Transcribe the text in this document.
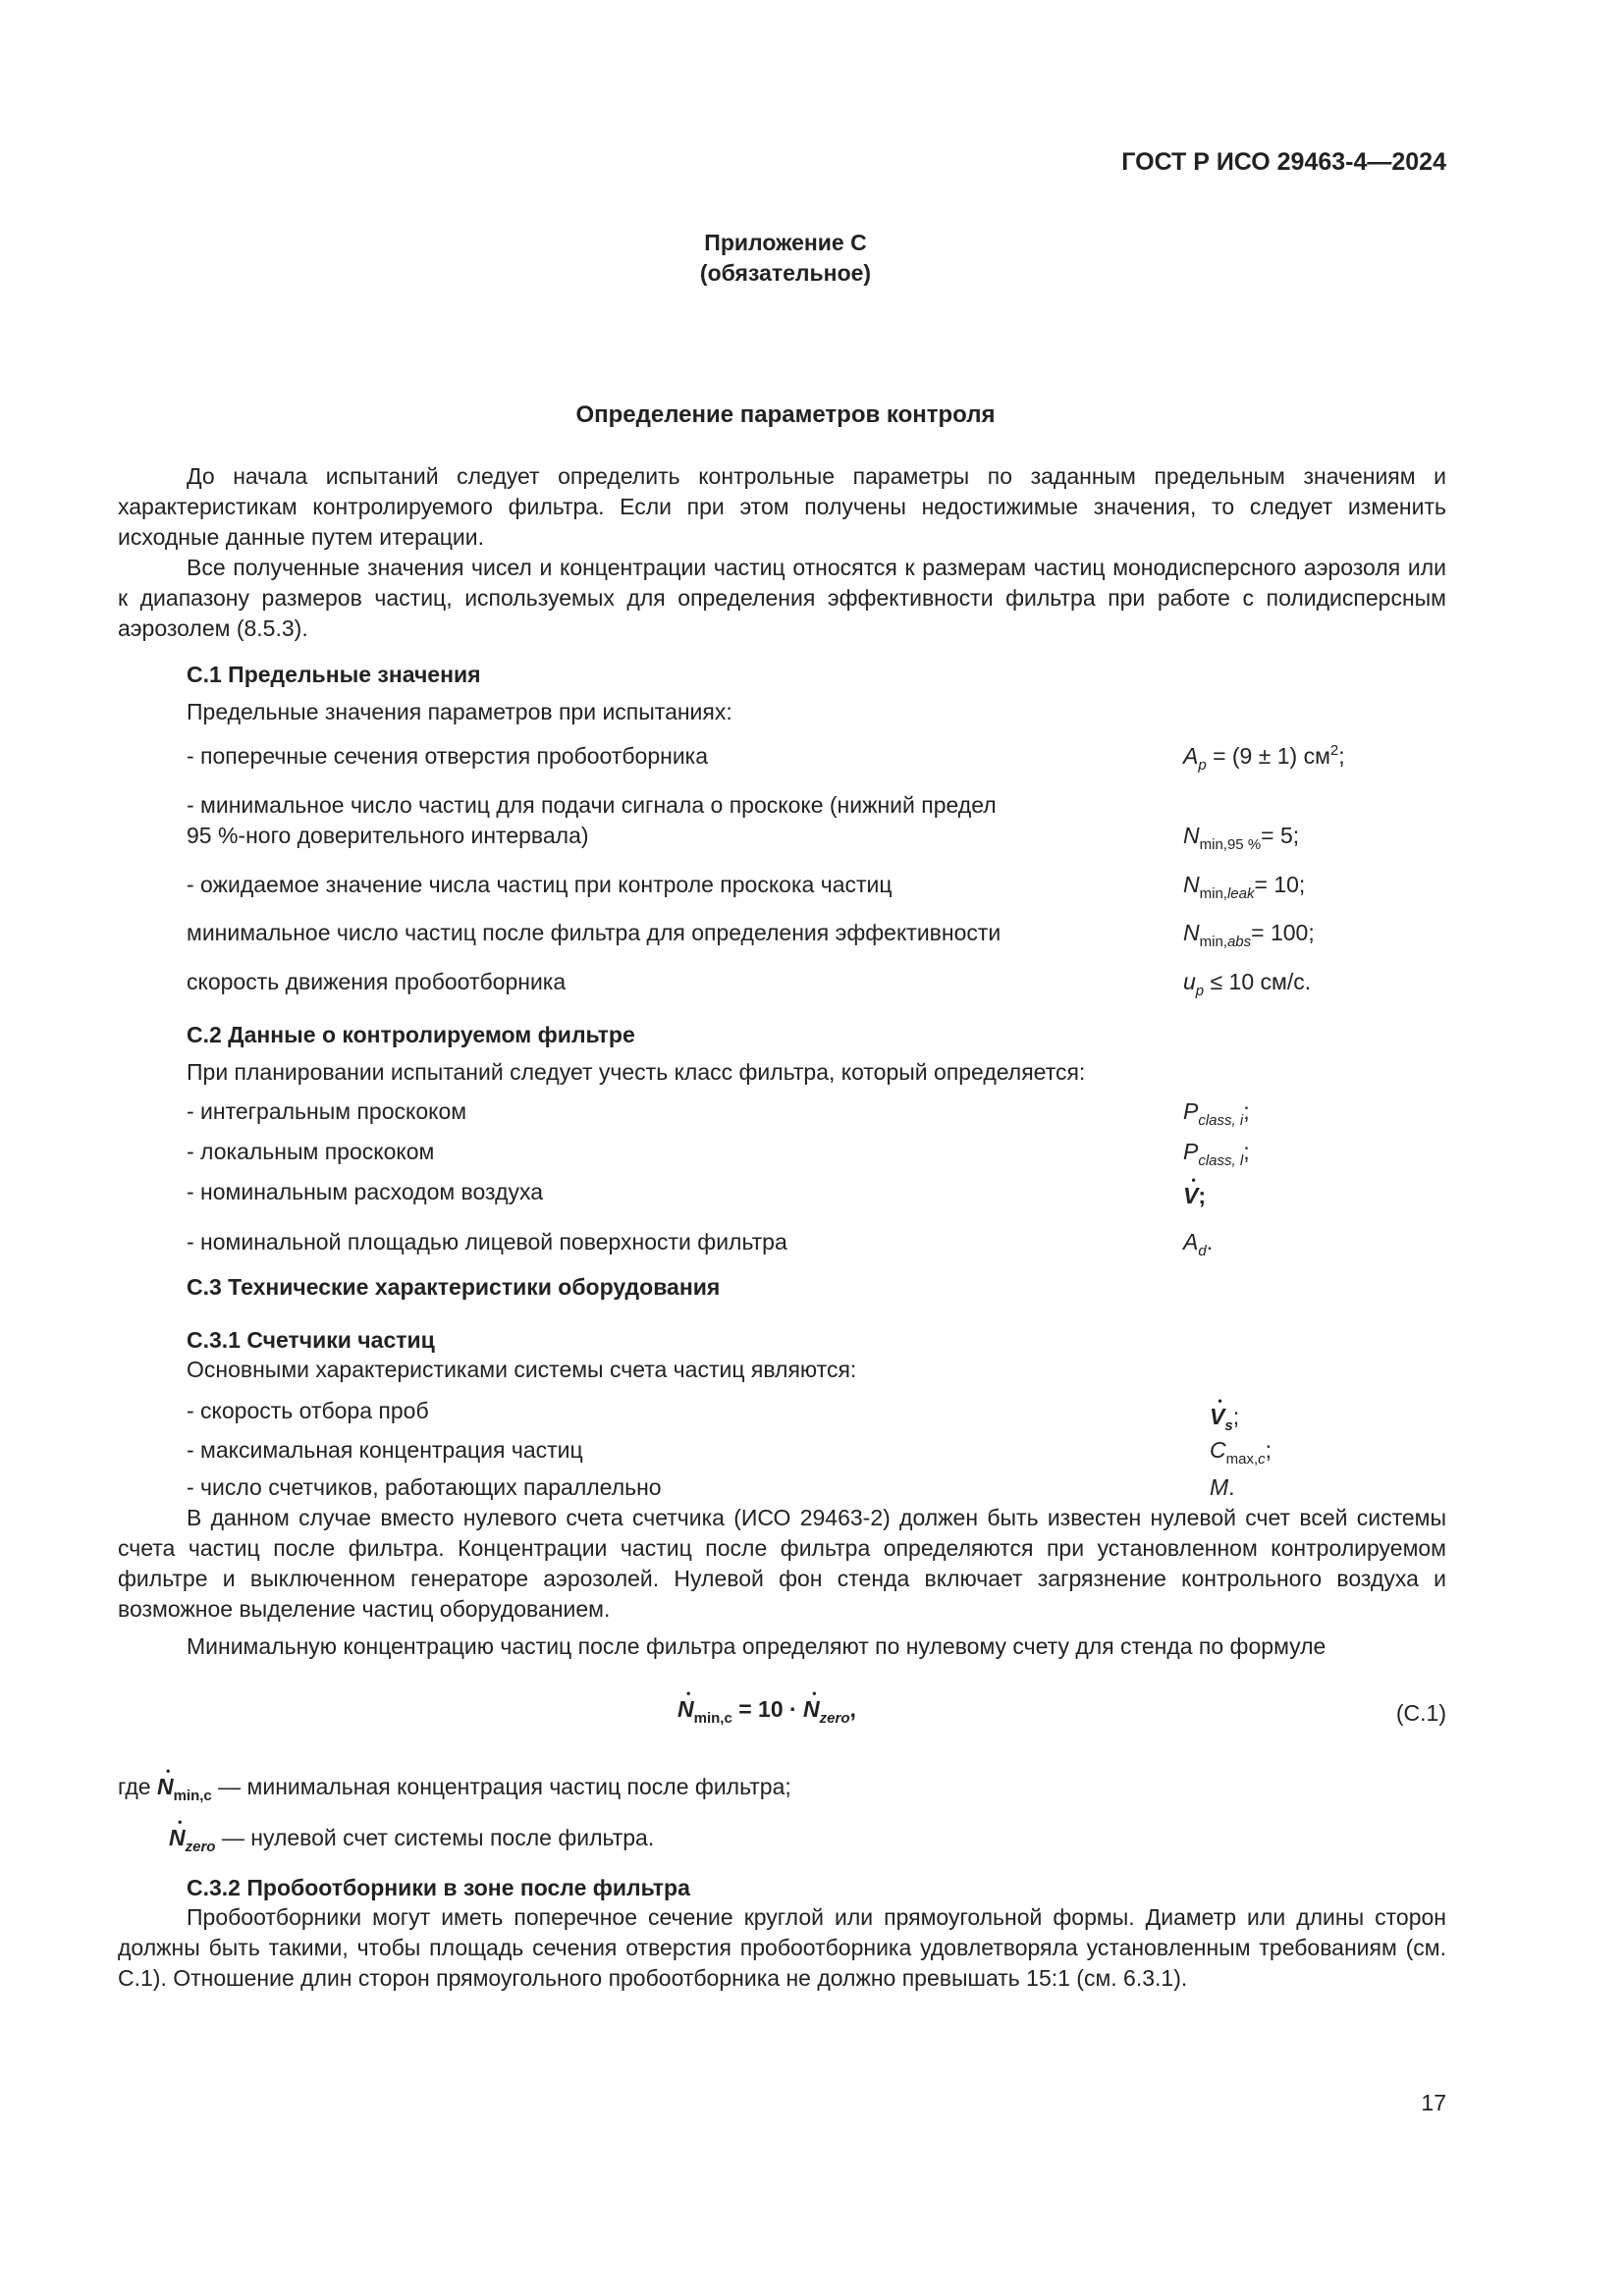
ГОСТ Р ИСО 29463-4—2024
Приложение С
(обязательное)
Определение параметров контроля
До начала испытаний следует определить контрольные параметры по заданным предельным значениям и характеристикам контролируемого фильтра. Если при этом получены недостижимые значения, то следует изменить исходные данные путем итерации.
Все полученные значения чисел и концентрации частиц относятся к размерам частиц монодисперсного аэрозоля или к диапазону размеров частиц, используемых для определения эффективности фильтра при работе с полидисперсным аэрозолем (8.5.3).
С.1 Предельные значения
Предельные значения параметров при испытаниях:
- поперечные сечения отверстия пробоотборника	$A_p = (9 \pm 1)$ $см^2$;
- минимальное число частиц для подачи сигнала о проскоке (нижний предел
95 %-ного доверительного интервала)	$N_{min,95 \%}= 5$;
- ожидаемое значение числа частиц при контроле проскока частиц	$N_{min,leak}= 10$;
минимальное число частиц после фильтра для определения эффективности	$N_{min,abs}= 100$;
скорость движения пробоотборника	$u_p \le 10$ см/с.
С.2 Данные о контролируемом фильтре
При планировании испытаний следует учесть класс фильтра, который определяется:
- интегральным проскоком	$P_{class, i}$;
- локальным проскоком	$P_{class, l}$;
- номинальным расходом воздуха	• V;
- номинальной площадью лицевой поверхности фильтра	$A_d$.
С.3 Технические характеристики оборудования
С.3.1 Счетчики частиц
Основными характеристиками системы счета частиц являются:
- скорость отбора проб	• $V_s$;
- максимальная концентрация частиц	$C_{max,c}$;
- число счетчиков, работающих параллельно	M.
В данном случае вместо нулевого счета счетчика (ИСО 29463-2) должен быть известен нулевой счет всей системы счета частиц после фильтра. Концентрации частиц после фильтра определяются при установленном контролируемом фильтре и выключенном генераторе аэрозолей. Нулевой фон стенда включает загрязнение контрольного воздуха и возможное выделение частиц оборудованием.
Минимальную концентрацию частиц после фильтра определяют по нулевому счету для стенда по формуле
• $N_{min,c} = 10$ · • $N_{zero}$,	(С.1)
где • $N_{min,c}$ — минимальная концентрация частиц после фильтра;
• $N_{zero}$ — нулевой счет системы после фильтра.
С.3.2 Пробоотборники в зоне после фильтра
Пробоотборники могут иметь поперечное сечение круглой или прямоугольной формы. Диаметр или длины сторон должны быть такими, чтобы площадь сечения отверстия пробоотборника удовлетворяла установленным требованиям (см. С.1). Отношение длин сторон прямоугольного пробоотборника не должно превышать 15:1 (см. 6.3.1).
17
